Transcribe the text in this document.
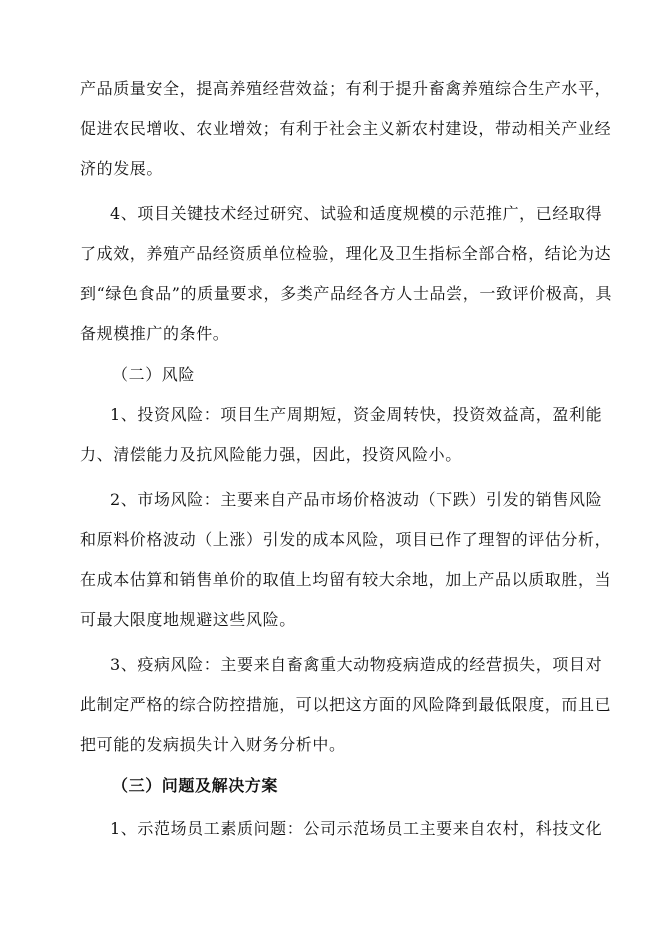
产品质量安全，提高养殖经营效益；有利于提升畜禽养殖综合生产水平，
促进农民增收、农业增效；有利于社会主义新农村建设，带动相关产业经
济的发展。
4、项目关键技术经过研究、试验和适度规模的示范推广，已经取得
了成效，养殖产品经资质单位检验，理化及卫生指标全部合格，结论为达
到“绿色食品”的质量要求，多类产品经各方人士品尝，一致评价极高，具
备规模推广的条件。
（二）风险
1、投资风险：项目生产周期短，资金周转快，投资效益高，盈利能
力、清偿能力及抗风险能力强，因此，投资风险小。
2、市场风险：主要来自产品市场价格波动（下跌）引发的销售风险
和原料价格波动（上涨）引发的成本风险，项目已作了理智的评估分析，
在成本估算和销售单价的取值上均留有较大余地，加上产品以质取胜，当
可最大限度地规避这些风险。
3、疫病风险：主要来自畜禽重大动物疫病造成的经营损失，项目对
此制定严格的综合防控措施，可以把这方面的风险降到最低限度，而且已
把可能的发病损失计入财务分析中。
（三）问题及解决方案
1、示范场员工素质问题：公司示范场员工主要来自农村，科技文化
